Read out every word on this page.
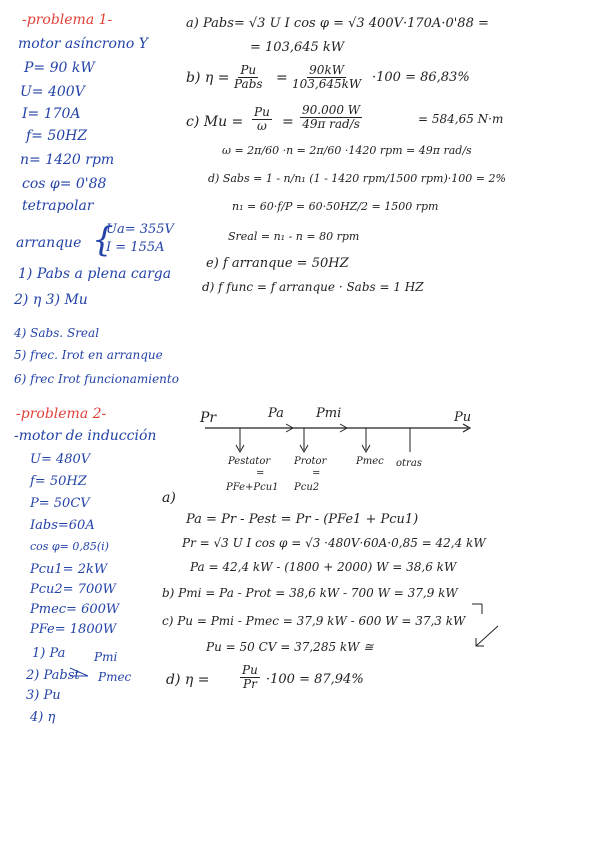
-problema 1-
motor asíncrono Y
P= 90 kW
U= 400V
I= 170A
f= 50HZ
n= 1420 rpm
cos φ= 0'88
tetrapolar
arranque {
Ua= 355V
I = 155A
1) Pabs a plena carga
2) η 3) Mu
4) Sabs. Sreal
5) frec. Irot en arranque
6) frec Irot funcionamiento
a) Pabs= √3 U I cos φ = √3 400V·170A·0'88 =
= 103,645 kW
b) η = Pu
Pabs = $\frac{90kW}{103,645kW} \cdot 100 = 86,83\%$
c) $Mu = \frac{Pu}{\omega}$ =
90.000 W
49π rad/s	= 584,65 N·m
ω = 2π/60 ·n = 2π/60 ·1420 rpm = 49π rad/s
d) Sabs = 1 - n/n₁ (1 - 1420 rpm/1500 rpm)·100 = 2%
n₁ = 60·f/P = 60·50HZ/2 = 1500 rpm
Sreal = n₁ - n = 80 rpm
e) f arranque = 50HZ
d) f func = f arranque · Sabs = 1 HZ
-problema 2-
-motor de inducción
U= 480V
f= 50HZ
P= 50CV
Iabs=60A
cos φ= 0,85(i)
Pcu1= 2kW
Pcu2= 700W
Pmec= 600W
PFe= 1800W
1) Pa
2) Pabst
3) Pu
4) η
Pmi
Pmec
Pr	Pa Pmi	Pu
Pestator Protor	Pmec otras
=	=
PFe+Pcu1 Pcu2
a)
Pa = Pr - Pest = Pr - (PFe1 + Pcu1)
Pr = √3 U I cos φ = √3 ·480V·60A·0,85 = 42,4 kW
Pa = 42,4 kW - (1800 + 2000) W = 38,6 kW
b) Pmi = Pa - Prot = 38,6 kW - 700 W = 37,9 kW
c) Pu = Pmi - Pmec = 37,9 kW - 600 W = 37,3 kW
Pu = 50 CV = 37,285 kW ≅
d) η =	$\frac{Pu}{Pr} \cdot 100 = 87,94\%$
